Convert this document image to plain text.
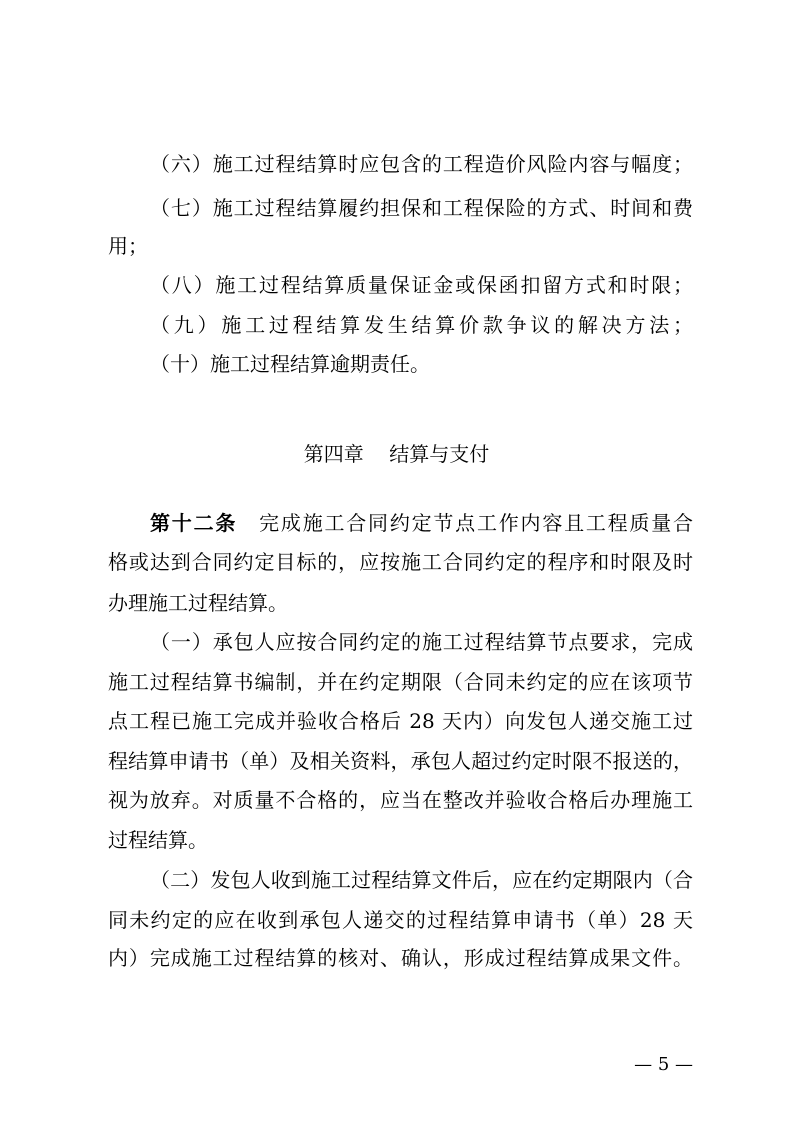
（六）施工过程结算时应包含的工程造价风险内容与幅度；
（七）施工过程结算履约担保和工程保险的方式、时间和费
用；
（八）施工过程结算质量保证金或保函扣留方式和时限；
（九）施工过程结算发生结算价款争议的解决方法；
（十）施工过程结算逾期责任。
第四章    结算与支付
第十二条 完成施工合同约定节点工作内容且工程质量合
格或达到合同约定目标的，应按施工合同约定的程序和时限及时
办理施工过程结算。
（一）承包人应按合同约定的施工过程结算节点要求，完成
施工过程结算书编制，并在约定期限（合同未约定的应在该项节
点工程已施工完成并验收合格后 28 天内）向发包人递交施工过
程结算申请书（单）及相关资料，承包人超过约定时限不报送的，
视为放弃。对质量不合格的，应当在整改并验收合格后办理施工
过程结算。
（二）发包人收到施工过程结算文件后，应在约定期限内（合
同未约定的应在收到承包人递交的过程结算申请书（单）28 天
内）完成施工过程结算的核对、确认，形成过程结算成果文件。
— 5 —
